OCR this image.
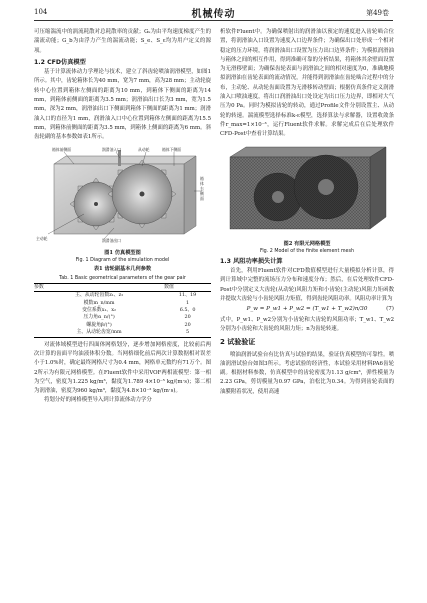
104	机械传动	第49卷

可压缩湍流中的涡流耗散对总耗散率的贡献；Gₖ为由平均速度梯度产生的湍流动能；G_b为由浮力产生的湍流动能；S_e、S_ε均为用户定义的源项。

1.2 CFD仿真模型

基于计算流体动力学理论与技术，建立了斜齿轮喷油润滑模型，如图1所示。其中，齿轮箱体长为40 mm，宽为7 mm，高为28 mm；主动轮旋转中心位置到箱体左侧面的距离为10 mm，到箱体下侧面的距离为14 mm，到箱体前侧面的距离为3.5 mm；润滑油出口长为3 mm，宽为1.5 mm，深为2 mm，润滑油出口下侧面到箱体下侧面的距离为1 mm；润滑油入口的直径为1 mm，润滑油入口中心位置到箱体左侧面的距离为15.5 mm，到箱体前侧面的距离为3.5 mm，到箱体上侧面的距离为6 mm。斜齿轮副的基本参数如表1所示。

箱体前侧面	润滑油入口	从动轮	箱体下侧面
箱体右侧面
主动轮	润滑油出口
图1 仿真模型图
Fig. 1 Diagram of the simulation model
表1 齿轮副基本几何参数
Tab. 1 Basic geometrical parameters of the gear pair
参数	数值
主、从动轮齿数z₁、z₂	11、19
模数m_n/mm	1
变位系数x₁、x₂	6.5、0
压力角α_n/(°)	20
螺旋角β/(°)	20
主、从动轮齿宽/mm	5

对流体域模型进行四面体网格划分，逐步增加网格密度，比较前后两次计算的齿面平均油液体积分数。当网格细化前后两次计算数据相对误差小于1.0%时，确定最终网格尺寸为0.4 mm，网格单元数约有71万个。图2所示为有限元网格模型。在Fluent软件中采用VOF两相流模型：第一相为空气，密度为1.225 kg/m³，黏度为1.789 4×10⁻⁵ kg/(m·s)；第二相为润滑油，密度为960 kg/m³，黏度为4.8×10⁻² kg/(m·s)。

将划分好的网格模型导入到计算流体动力学分

析软件Fluent中。为确保喷射出的润滑油以预定的速度进入齿轮啮合位置，将润滑油入口设置为速度入口边界条件；为确保出口处形成一个相对稳定的压力环境，将润滑油出口设置为压力出口边界条件；为模拟润滑油与箱体之间的相互作用，得到准确可靠的分析结果，将箱体其余壁面设置为无滑移壁面；为确保齿轮表面与润滑油之间的相对速度为0，准确地模拟润滑油在齿轮表面的流动情况，并能得到润滑油在齿轮啮合过程中的分布，主动轮、从动轮齿面设置为无滑移转动壁面；根据仿真条件定义润滑油入口喷油速度，将出口润滑油出口处设定为出口压力边界，即相对大气压为0 Pa。同时为模拟齿轮的转动，通过Profile文件分别设置主、从动轮的转速。湍流模型选择标准k-ε模型，选择算法与求解器，设置收敛条件r_max=1×10⁻³，运行Fluent软件求解。求解完成后在后处理软件CFD-Post中查看计算结果。

图2 有限元网格模型
Fig. 2 Model of the finite element mesh
1.3 风阻功率损失计算

首先，利用Fluent软件对CFD数值模型进行大量模拟分析计算，得到计算域中完整的流场压力分布和速度分布；然后，在后处理软件CFD-Post中分别定义大齿轮(从动轮)风阻力矩和小齿轮(主动轮)风阻力矩函数并提取大齿轮与小齿轮风阻力矩值，得到齿轮风阻功率。风阻功率计算为

P_w = P_w1 + P_w2 = (T_w1 + T_w2)n/30	(7)

式中，P_w1、P_w2分别为小齿轮和大齿轮的风阻功率；T_w1、T_w2分别为小齿轮和大齿轮的风阻力矩；n为齿轮转速。

2 试验验证

喷油润滑试验台有比仿真与试验的结果，验证仿真模型的可靠性。喷油润滑试验台如图3所示。考虑试验的经济性，本试验采用材料PA6齿轮副。根据材料参数，仿真模型中的齿轮密度为1.13 g/cm³，弹性模量为2.23 GPa，剪切模量为0.97 GPa，泊松比为0.34。为得到齿轮表面的油膜附着状况，使用高速
